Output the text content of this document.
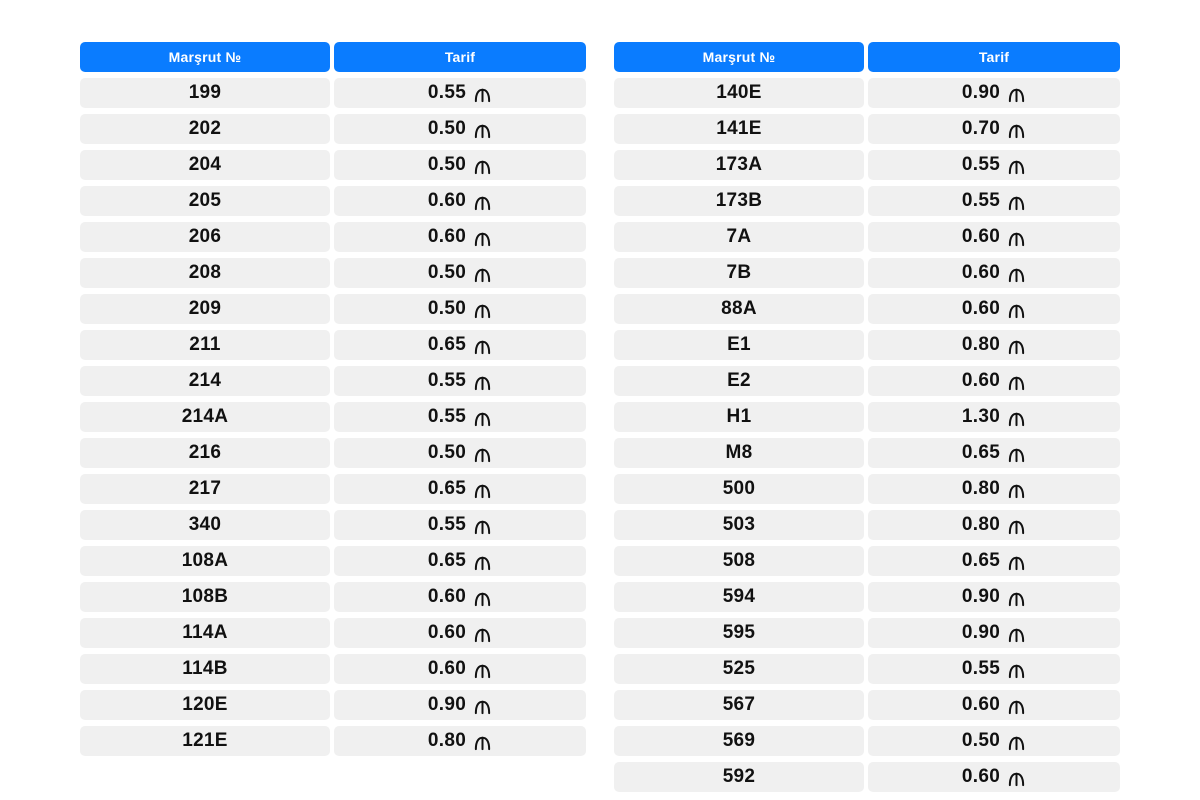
Marşrut №	Tarif
199	0.55
202	0.50
204	0.50
205	0.60
206	0.60
208	0.50
209	0.50
211	0.65
214	0.55
214A	0.55
216	0.50
217	0.65
340	0.55
108A	0.65
108B	0.60
114A	0.60
114B	0.60
120E	0.90
121E	0.80
Marşrut №	Tarif
140E	0.90
141E	0.70
173A	0.55
173B	0.55
7A	0.60
7B	0.60
88A	0.60
E1	0.80
E2	0.60
H1	1.30
M8	0.65
500	0.80
503	0.80
508	0.65
594	0.90
595	0.90
525	0.55
567	0.60
569	0.50
592	0.60
